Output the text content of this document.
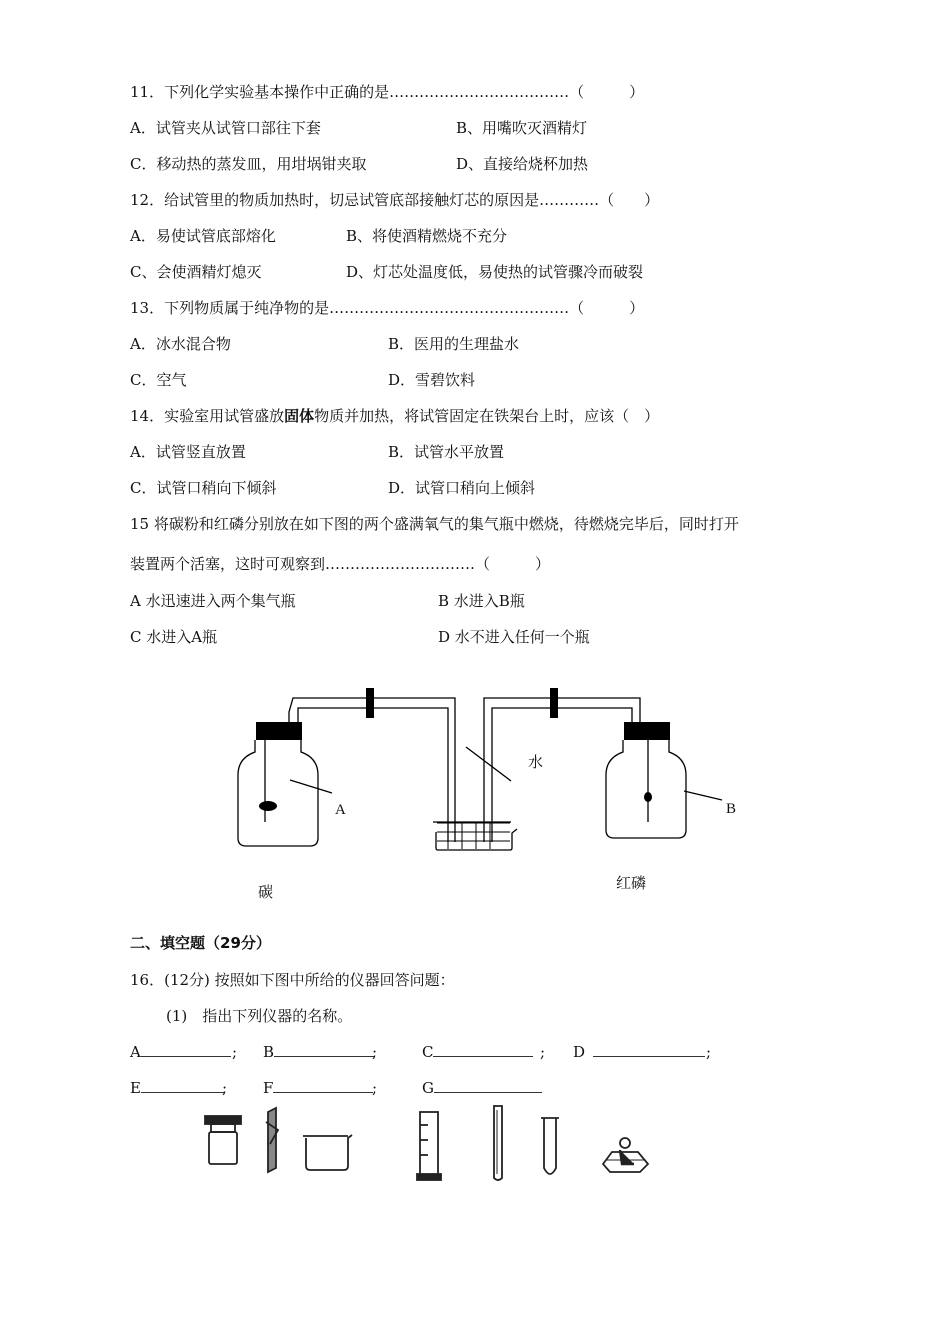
11．下列化学实验基本操作中正确的是………………………………（　　　）
A．试管夹从试管口部往下套	B、用嘴吹灭酒精灯
C．移动热的蒸发皿，用坩埚钳夹取	D、直接给烧杯加热
12．给试管里的物质加热时，切忌试管底部接触灯芯的原因是…………（　　）
A．易使试管底部熔化	B、将使酒精燃烧不充分
C、会使酒精灯熄灭	D、灯芯处温度低，易使热的试管骤冷而破裂
13．下列物质属于纯净物的是…………………………………………（　　　）
A．冰水混合物	B．医用的生理盐水
C．空气	D．雪碧饮料
14．实验室用试管盛放固体物质并加热，将试管固定在铁架台上时，应该（　）
A．试管竖直放置	B．试管水平放置
C．试管口稍向下倾斜	D．试管口稍向上倾斜
15 将碳粉和红磷分别放在如下图的两个盛满氧气的集气瓶中燃烧，待燃烧完毕后，同时打开
装置两个活塞，这时可观察到…………………………（　　　）
A 水迅速进入两个集气瓶	B 水进入B瓶
C 水进入A瓶	D 水不进入任何一个瓶
A	B
水
碳	红磷
二、填空题（29分）
16．(12分) 按照如下图中所给的仪器回答问题：
(1)　指出下列仪器的名称。
A	; B	;	C	; D	;
E	; F	;	G
